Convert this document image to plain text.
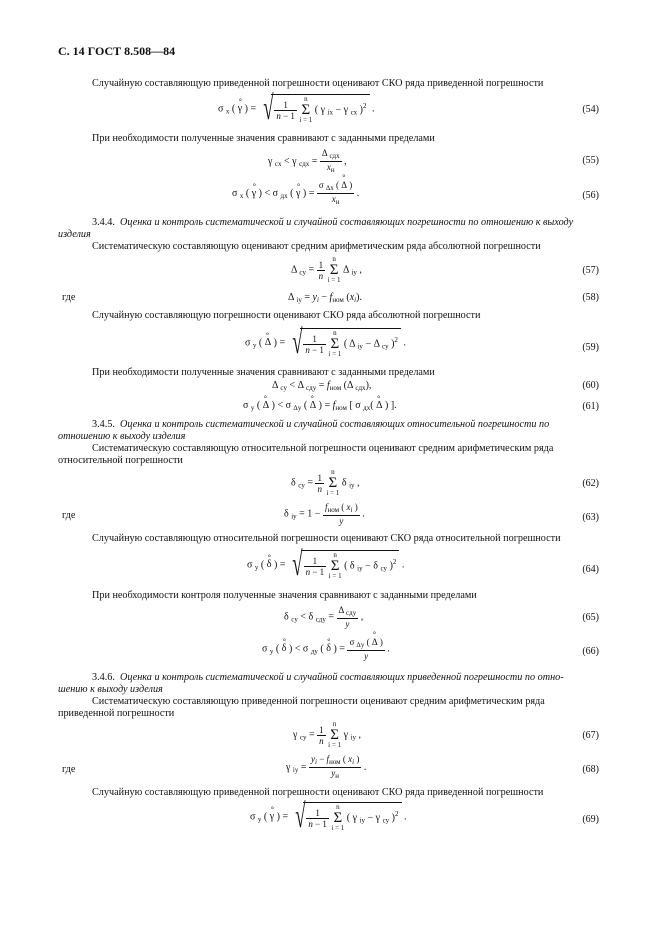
С. 14 ГОСТ 8.508—84
Случайную составляющую приведенной погрешности оценивают СКО ряда приведенной погрешности
σ $_x$ ( ° γ ) = √ $\frac{1}{n - 1}$
n
Σ
i = 1 ( γ $_{ix}$ − γ $_{cx}$ )$^2$ .	(54)
При необходимости полученные значения сравнивают с заданными пределами
γ $_{cx}$ < γ $_{cдx}$ =
Δ $_{cдx}$
$x_н$
,	(55)
σ $_x$ ( ° γ ) < σ $_{дx}$ ( ° γ ) =
σ $_{\Delta x}$ ( ° Δ )
$x_н$
.	(56)
3.4.4. Оценка и контроль систематической и случайной составляющих погрешности по отношению к выходу
изделия
Систематическую составляющую оценивают средним арифметическим ряда абсолютной погрешности
Δ $_{cy} = \frac{1}{n}$
n
Σ
i = 1 Δ $_{iy}$ ,	(57)
где	Δ $_{iy} = y_i - f_{ном}$ $(x_i)$.	(58)
Случайную составляющую погрешности оценивают СКО ряда абсолютной погрешности
σ $_y$ ( ° Δ ) = √ $\frac{1}{n - 1}$
n
Σ
i = 1 ( Δ $_{iy}$ − Δ $_{cy}$ )$^2$ .	(59)
При необходимости полученные значения сравнивают с заданными пределами
Δ $_{cy}$ < Δ $_{cдy} = f_{ном}$ (Δ $_{cдx}$),	(60)
σ $_y$ ( ° Δ ) < σ $_{\Delta y}$ ( ° Δ ) = $f_{ном}$ [ σ $_{дx}$( ° Δ ) ].	(61)
3.4.5. Оценка и контроль систематической и случайной составляющих относительной погрешности по
отношению к выходу изделия
Систематическую составляющую относительной погрешности оценивают средним арифметическим ряда
относительной погрешности
δ $_{cy} = \frac{1}{n}$
n
Σ
i = 1 δ $_{iy}$ ,	(62)
где	δ $_{iy}$ = 1 −
$f_{ном}$ ( $x_i$ )
y
.	(63)
Случайную составляющую относительной погрешности оценивают СКО ряда относительной погрешности
σ $_y$ ( ° δ ) = √ $\frac{1}{n - 1}$
n
Σ
i = 1 ( δ $_{iy}$ − δ $_{cy}$ )$^2$ .	(64)
При необходимости контроля полученные значения сравнивают с заданными пределами
δ $_{cy}$ < δ $_{cдy}$ =
Δ $_{cдy}$
y
,	(65)
σ $_y$ ( ° δ ) < σ $_{дy}$ ( ° δ ) = $\frac{\sigma _{\Delta y} ( ^\circ \Delta )}{y}$ .	(66)
3.4.6. Оценка и контроль систематической и случайной составляющих приведенной погрешности по отно-
шению к выходу изделия
Систематическую составляющую приведенной погрешности оценивают средним арифметическим ряда
приведенной погрешности
γ $_{cy} = \frac{1}{n}$
n
Σ
i = 1 γ $_{iy}$ ,	(67)
где	γ $_{iy}$ =
$y_i - f_{ном}$ ( $x_i$ )
$y_н$
.	(68)
Случайную составляющую приведенной погрешности оценивают СКО ряда приведенной погрешности
σ $_y$ ( ° γ ) = √ $\frac{1}{n - 1}$
n
Σ
i = 1 ( γ $_{iy}$ − γ $_{cy}$ )$^2$ .	(69)
